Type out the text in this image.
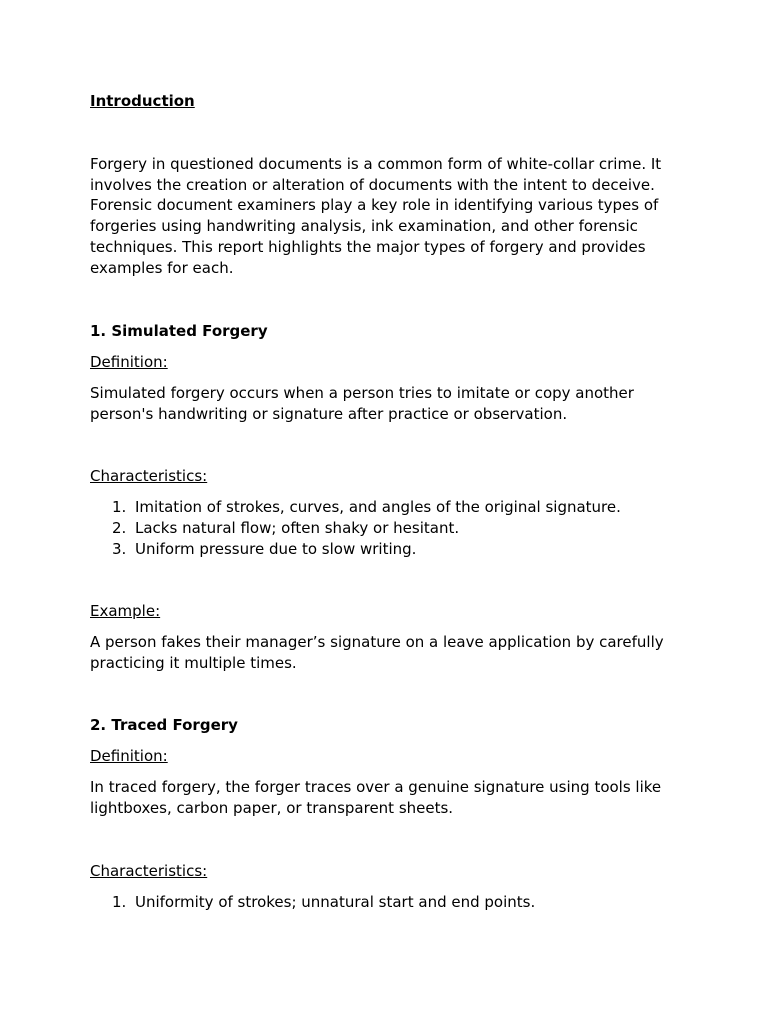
Introduction

Forgery in questioned documents is a common form of white-collar crime. It involves the creation or alteration of documents with the intent to deceive. Forensic document examiners play a key role in identifying various types of forgeries using handwriting analysis, ink examination, and other forensic techniques. This report highlights the major types of forgery and provides examples for each.

1. Simulated Forgery
Definition:

Simulated forgery occurs when a person tries to imitate or copy another person's handwriting or signature after practice or observation.

Characteristics:
1. Imitation of strokes, curves, and angles of the original signature.
2. Lacks natural flow; often shaky or hesitant.
3. Uniform pressure due to slow writing.
Example:

A person fakes their manager’s signature on a leave application by carefully practicing it multiple times.

2. Traced Forgery
Definition:

In traced forgery, the forger traces over a genuine signature using tools like lightboxes, carbon paper, or transparent sheets.

Characteristics:
1. Uniformity of strokes; unnatural start and end points.
